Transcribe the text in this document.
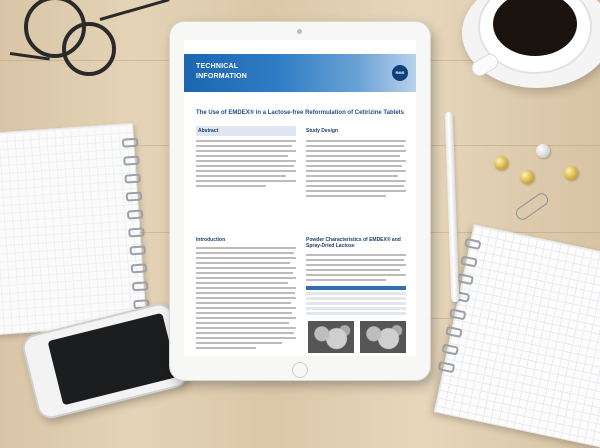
TECHNICAL
INFORMATION
RMS
The Use of EMDEX® in a Lactose-free Reformulation of Cetirizine Tablets
Abstract	Study Design
Introduction	Powder Characteristics of EMDEX® and Spray-Dried Lactose
